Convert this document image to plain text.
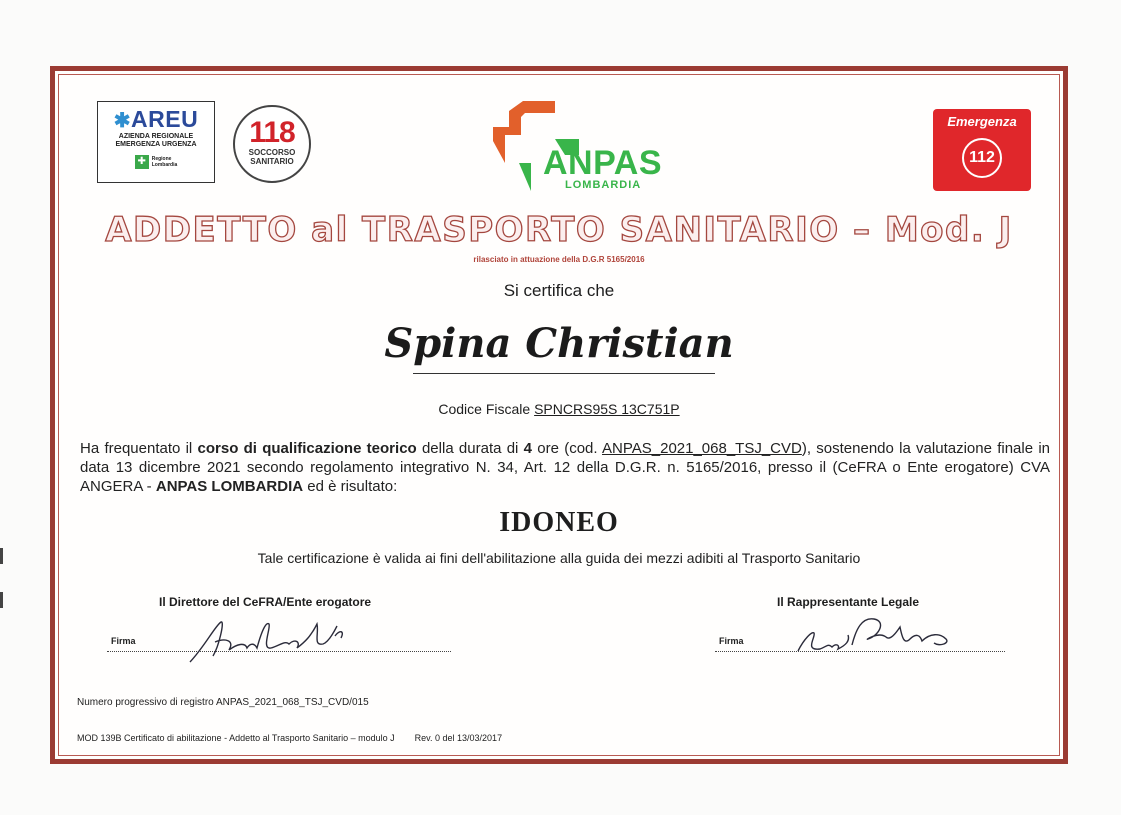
✱AREU
AZIENDA REGIONALE
EMERGENZA URGENZA
✚	Regione
Lombardia
118
SOCCORSO
SANITARIO	ANPAS
LOMBARDIA
Emergenza
112
ADDETTO al TRASPORTO SANITARIO – Mod. J
rilasciato in attuazione della D.G.R 5165/2016
Si certifica che
Spina Christian
Codice Fiscale SPNCRS95S 13C751P

Ha frequentato il corso di qualificazione teorico della durata di 4 ore (cod. ANPAS_2021_068_TSJ_CVD), sostenendo la valutazione finale in data 13 dicembre 2021 secondo regolamento integrativo N. 34, Art. 12 della D.G.R. n. 5165/2016, presso il (CeFRA o Ente erogatore) CVA ANGERA - ANPAS LOMBARDIA ed è risultato:

IDONEO
Tale certificazione è valida ai fini dell'abilitazione alla guida dei mezzi adibiti al Trasporto Sanitario
Il Direttore del CeFRA/Ente erogatore	Il Rappresentante Legale
Firma	Firma
Numero progressivo di registro ANPAS_2021_068_TSJ_CVD/015
MOD 139B Certificato di abilitazione - Addetto al Trasporto Sanitario – modulo J Rev. 0 del 13/03/2017
